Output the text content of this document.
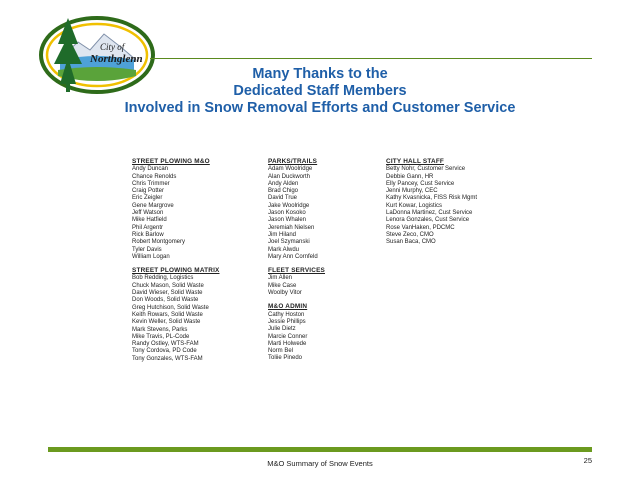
City of
Northglenn
Many Thanks to the
Dedicated Staff Members
Involved in Snow Removal Efforts and Customer Service
STREET PLOWING M&O
Andy Duncan
Chance Renolds
Chris Trimmer
Craig Potter
Eric Zeigler
Gene Margrove
Jeff Watson
Mike Hatfield
Phil Argentr
Rick Barlow
Robert Montgomery
Tyler Davis
William Logan
STREET PLOWING MATRIX
Bob Redding, Logistics
Chuck Mason, Solid Waste
David Wieser, Solid Waste
Don Woods, Solid Waste
Greg Hutchison, Solid Waste
Keith Rowars, Solid Waste
Kevin Weller, Solid Waste
Mark Stevens, Parks
Mike Travis, PL-Code
Randy Ostley, WTS-FAM
Tony Cordova, PD Code
Tony Gonzales, WTS-FAM
PARKS/TRAILS
Adam Woolridge
Alan Duckworth
Andy Alden
Brad Chigo
David True
Jake Woolridge
Jason Kosoko
Jason Whalen
Jeremiah Nielsen
Jim Hiland
Joel Szymanski
Mark Alwdu
Mary Ann Cornfeld
FLEET SERVICES
Jim Allen
Mike Case
Woolby Vitor
M&O ADMIN
Cathy Hoston
Jessie Phillips
Julie Dietz
Marcie Conner
Marti Holwede
Norm Bel
Toliie Pinedo
CITY HALL STAFF
Betty Nohr, Customer Service
Debbie Gann, HR
Elly Pancey, Cust Service
Jenni Murphy, CEC
Kathy Kvasnicka, FISS Risk Mgmt
Kurt Kowar, Logistics
LaDonna Martinez, Cust Service
Lenora Gonzales, Cust Service
Rose VanHaken, PDCMC
Steve Zeco, CMO
Susan Baca, CMO
M&O Summary of Snow Events	25
